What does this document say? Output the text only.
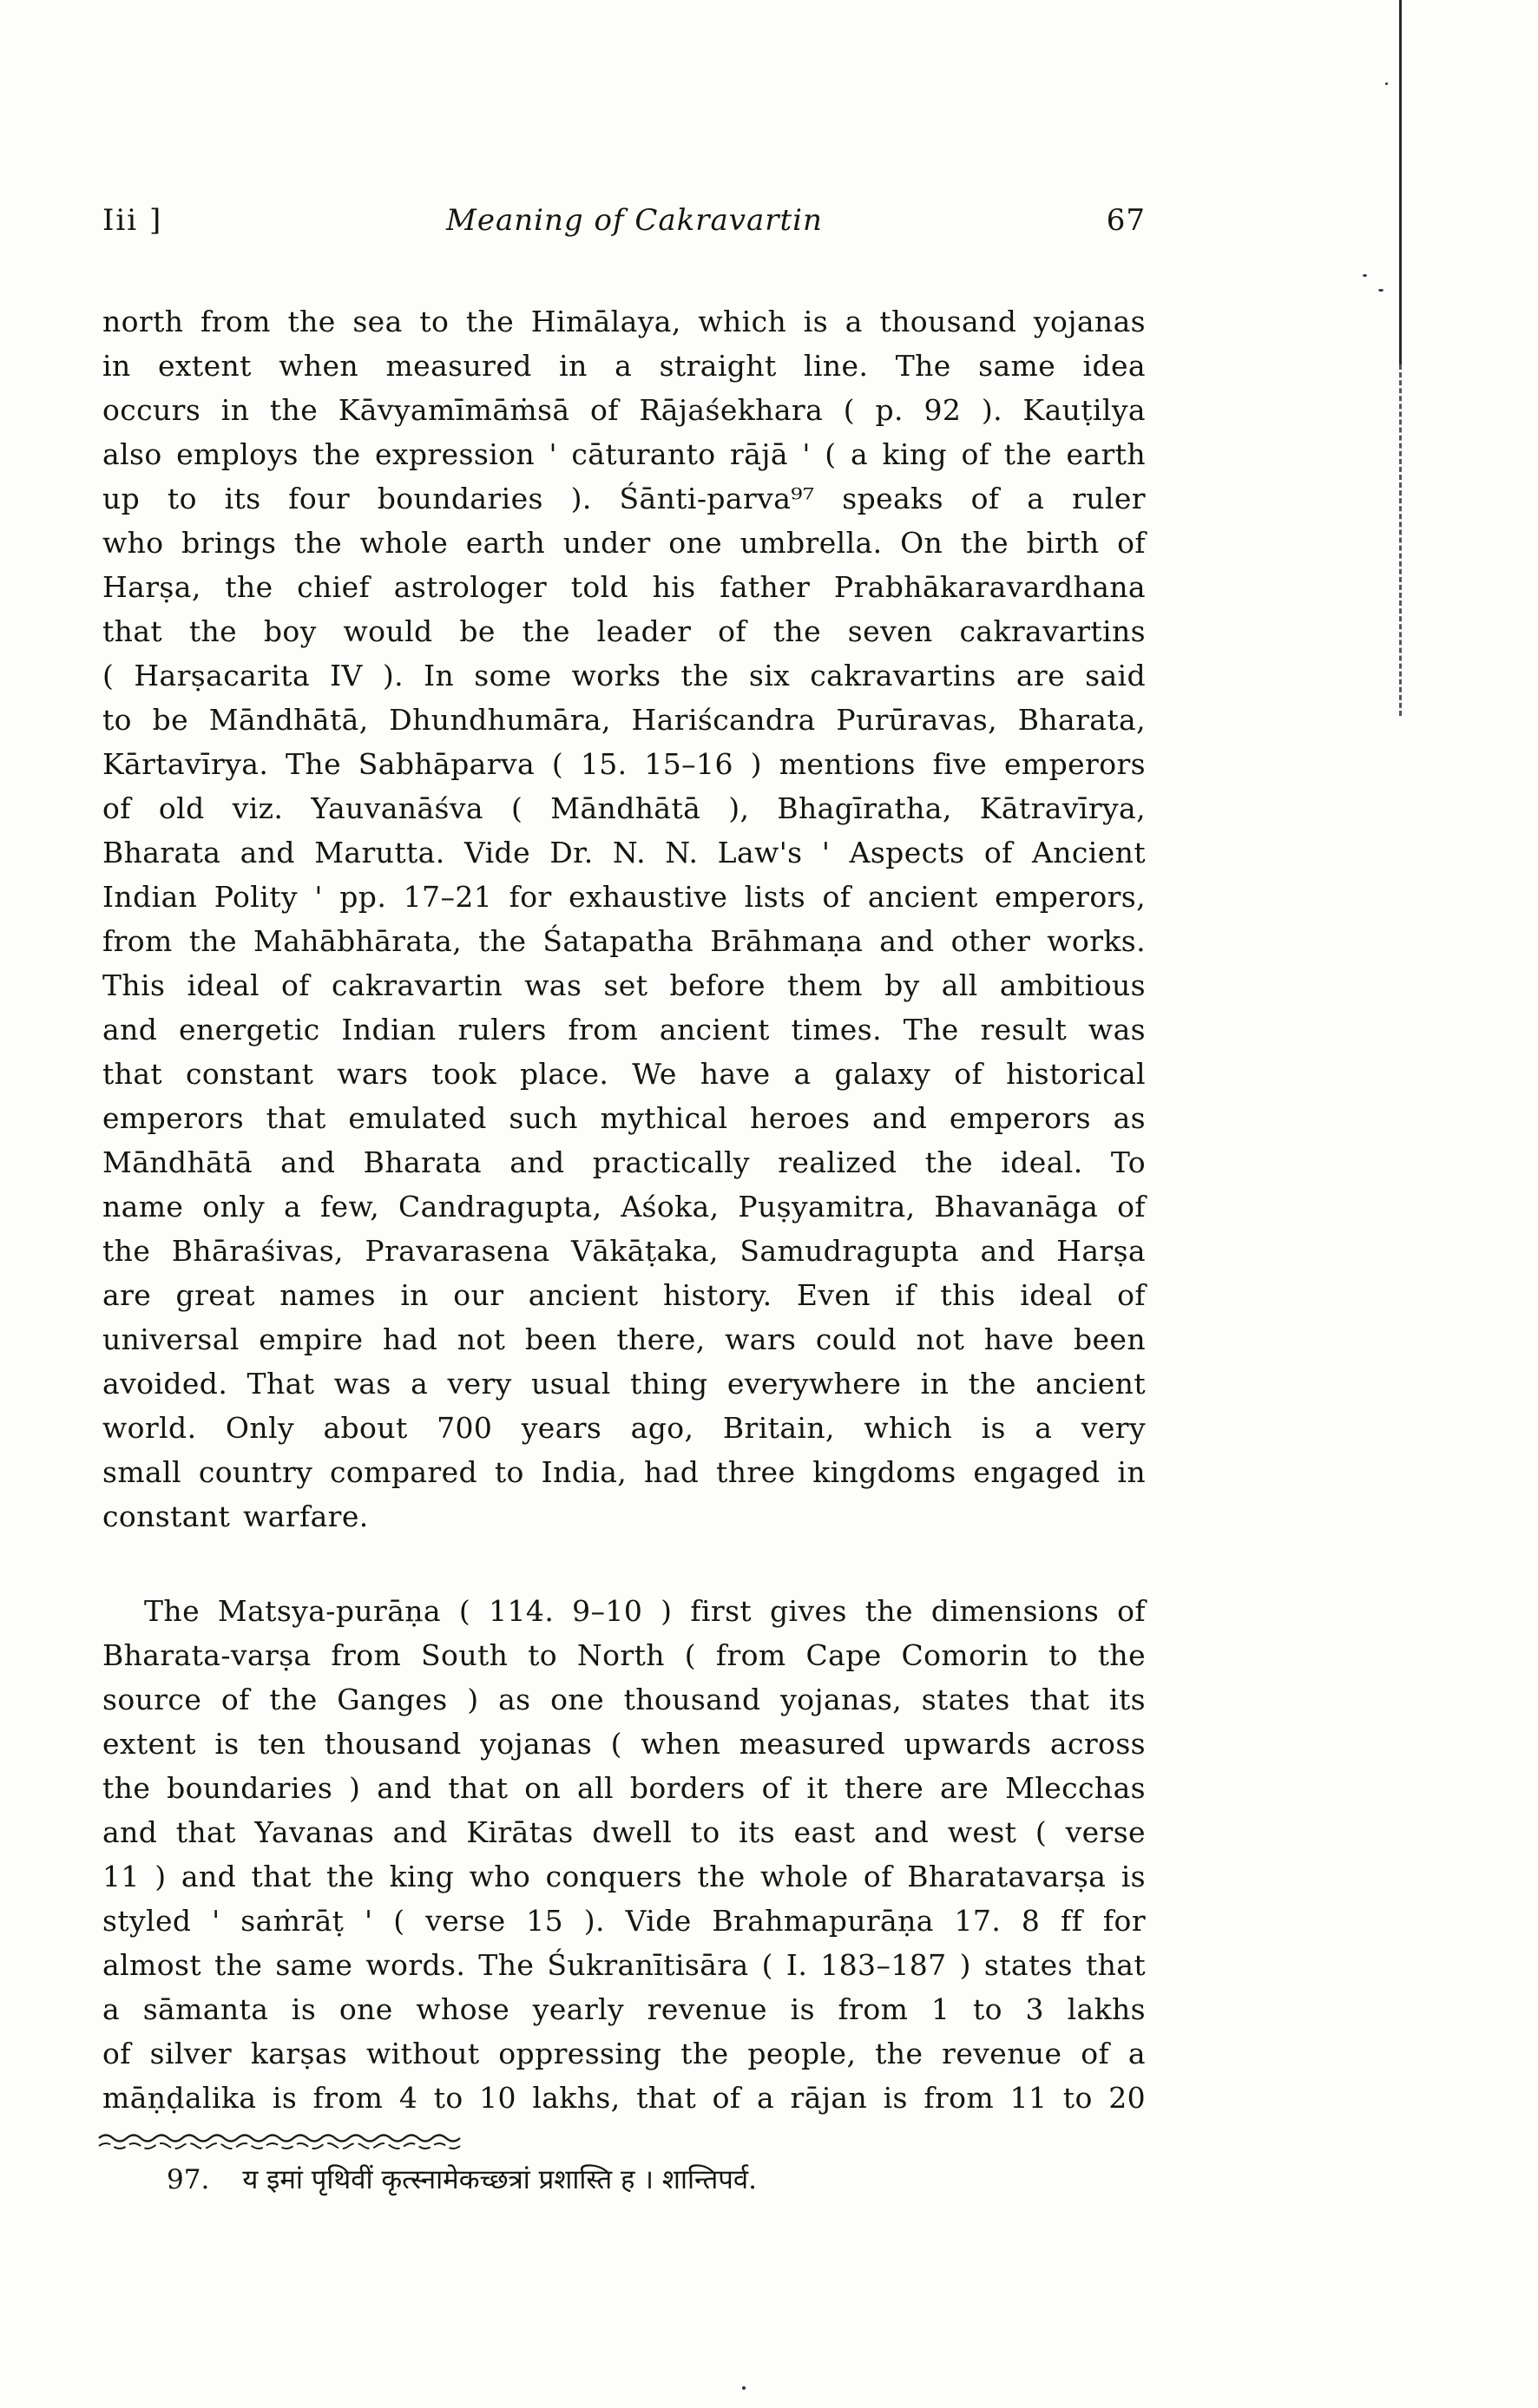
Iii ]	Meaning of Cakravartin	67
north from the sea to the Himālaya, which is a thousand yojanas
in extent when measured in a straight line. The same idea
occurs in the Kāvyamīmāṁsā of Rājaśekhara ( p. 92 ). Kauṭilya
also employs the expression ' cāturanto rājā ' ( a king of the earth
up to its four boundaries ). Śānti-parva⁹⁷ speaks of a ruler
who brings the whole earth under one umbrella. On the birth of
Harṣa, the chief astrologer told his father Prabhākaravardhana
that the boy would be the leader of the seven cakravartins
( Harṣacarita IV ). In some works the six cakravartins are said
to be Māndhātā, Dhundhumāra, Hariścandra Purūravas, Bharata,
Kārtavīrya. The Sabhāparva ( 15. 15–16 ) mentions five emperors
of old viz. Yauvanāśva ( Māndhātā ), Bhagīratha, Kātravīrya,
Bharata and Marutta. Vide Dr. N. N. Law's ' Aspects of Ancient
Indian Polity ' pp. 17–21 for exhaustive lists of ancient emperors,
from the Mahābhārata, the Śatapatha Brāhmaṇa and other works.
This ideal of cakravartin was set before them by all ambitious
and energetic Indian rulers from ancient times. The result was
that constant wars took place. We have a galaxy of historical
emperors that emulated such mythical heroes and emperors as
Māndhātā and Bharata and practically realized the ideal. To
name only a few, Candragupta, Aśoka, Puṣyamitra, Bhavanāga of
the Bhāraśivas, Pravarasena Vākāṭaka, Samudragupta and Harṣa
are great names in our ancient history. Even if this ideal of
universal empire had not been there, wars could not have been
avoided. That was a very usual thing everywhere in the ancient
world. Only about 700 years ago, Britain, which is a very
small country compared to India, had three kingdoms engaged in
constant warfare.
The Matsya-purāṇa ( 114. 9–10 ) first gives the dimensions of
Bharata-varṣa from South to North ( from Cape Comorin to the
source of the Ganges ) as one thousand yojanas, states that its
extent is ten thousand yojanas ( when measured upwards across
the boundaries ) and that on all borders of it there are Mlecchas
and that Yavanas and Kirātas dwell to its east and west ( verse
11 ) and that the king who conquers the whole of Bharatavarṣa is
styled ' saṁrāṭ ' ( verse 15 ). Vide Brahmapurāṇa 17. 8 ff for
almost the same words. The Śukranītisāra ( I. 183–187 ) states that
a sāmanta is one whose yearly revenue is from 1 to 3 lakhs
of silver karṣas without oppressing the people, the revenue of a
māṇḍalika is from 4 to 10 lakhs, that of a rājan is from 11 to 20
97. य इमां पृथिवीं कृत्स्नामेकच्छत्रां प्रशास्ति ह । शान्तिपर्व.
